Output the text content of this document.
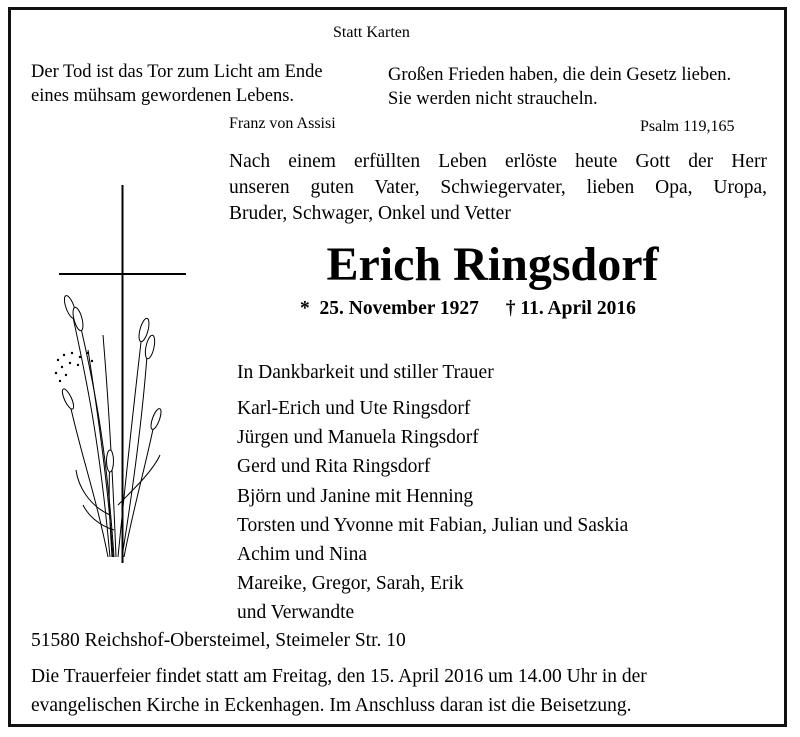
Statt Karten
Der Tod ist das Tor zum Licht am Ende
eines mühsam gewordenen Lebens.
Franz von Assisi
Großen Frieden haben, die dein Gesetz lieben.
Sie werden nicht straucheln.
Psalm 119,165
Nach einem erfüllten Leben erlöste heute Gott der Herr
unseren guten Vater, Schwiegervater, lieben Opa, Uropa,
Bruder, Schwager, Onkel und Vetter
Erich Ringsdorf
*  25. November 1927 † 11. April 2016
In Dankbarkeit und stiller Trauer
Karl-Erich und Ute Ringsdorf
Jürgen und Manuela Ringsdorf
Gerd und Rita Ringsdorf
Björn und Janine mit Henning
Torsten und Yvonne mit Fabian, Julian und Saskia
Achim und Nina
Mareike, Gregor, Sarah, Erik
und Verwandte
51580 Reichshof-Obersteimel, Steimeler Str. 10
Die Trauerfeier findet statt am Freitag, den 15. April 2016 um 14.00 Uhr in der
evangelischen Kirche in Eckenhagen. Im Anschluss daran ist die Beisetzung.
